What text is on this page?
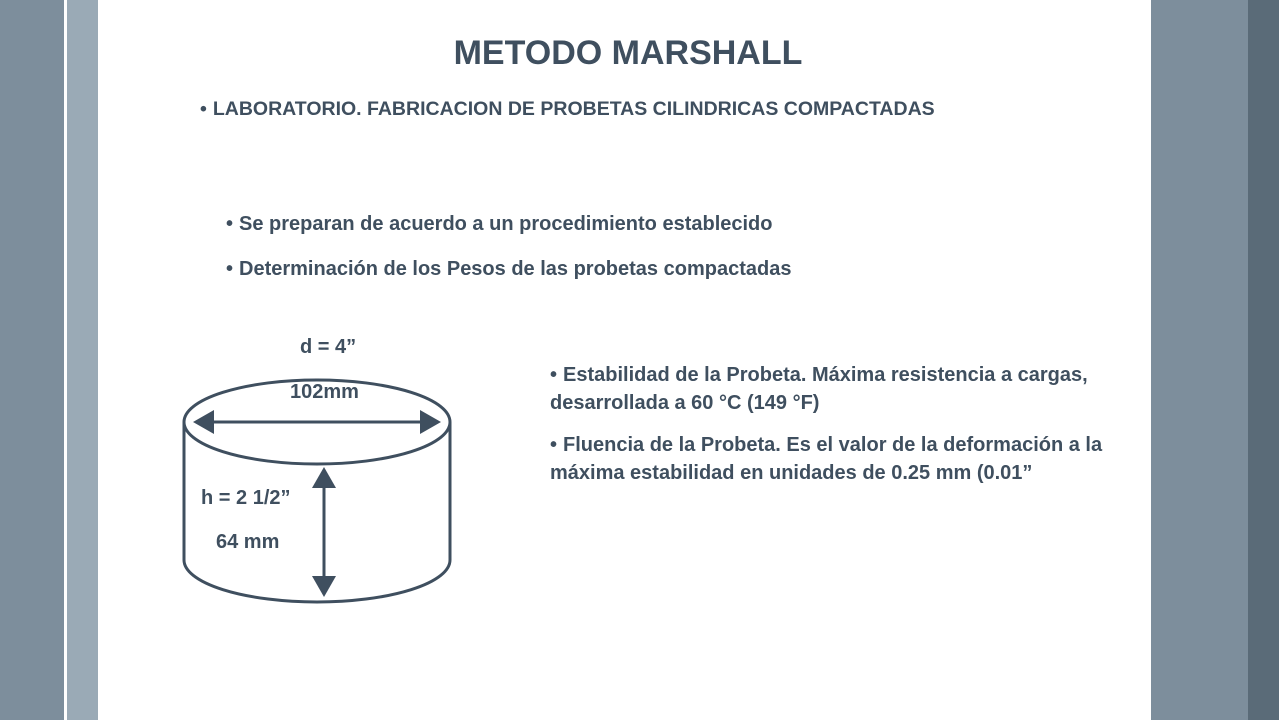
METODO MARSHALL
• LABORATORIO. FABRICACION DE PROBETAS CILINDRICAS COMPACTADAS
• Se preparan de acuerdo a un procedimiento establecido
• Determinación de los Pesos de las probetas compactadas
• Estabilidad de la Probeta. Máxima resistencia a cargas, desarrollada a 60 °C (149 °F)
• Fluencia de la Probeta. Es el valor de la deformación a la máxima estabilidad en unidades de 0.25 mm (0.01”
d = 4”
102mm
h = 2 1/2”
64 mm
